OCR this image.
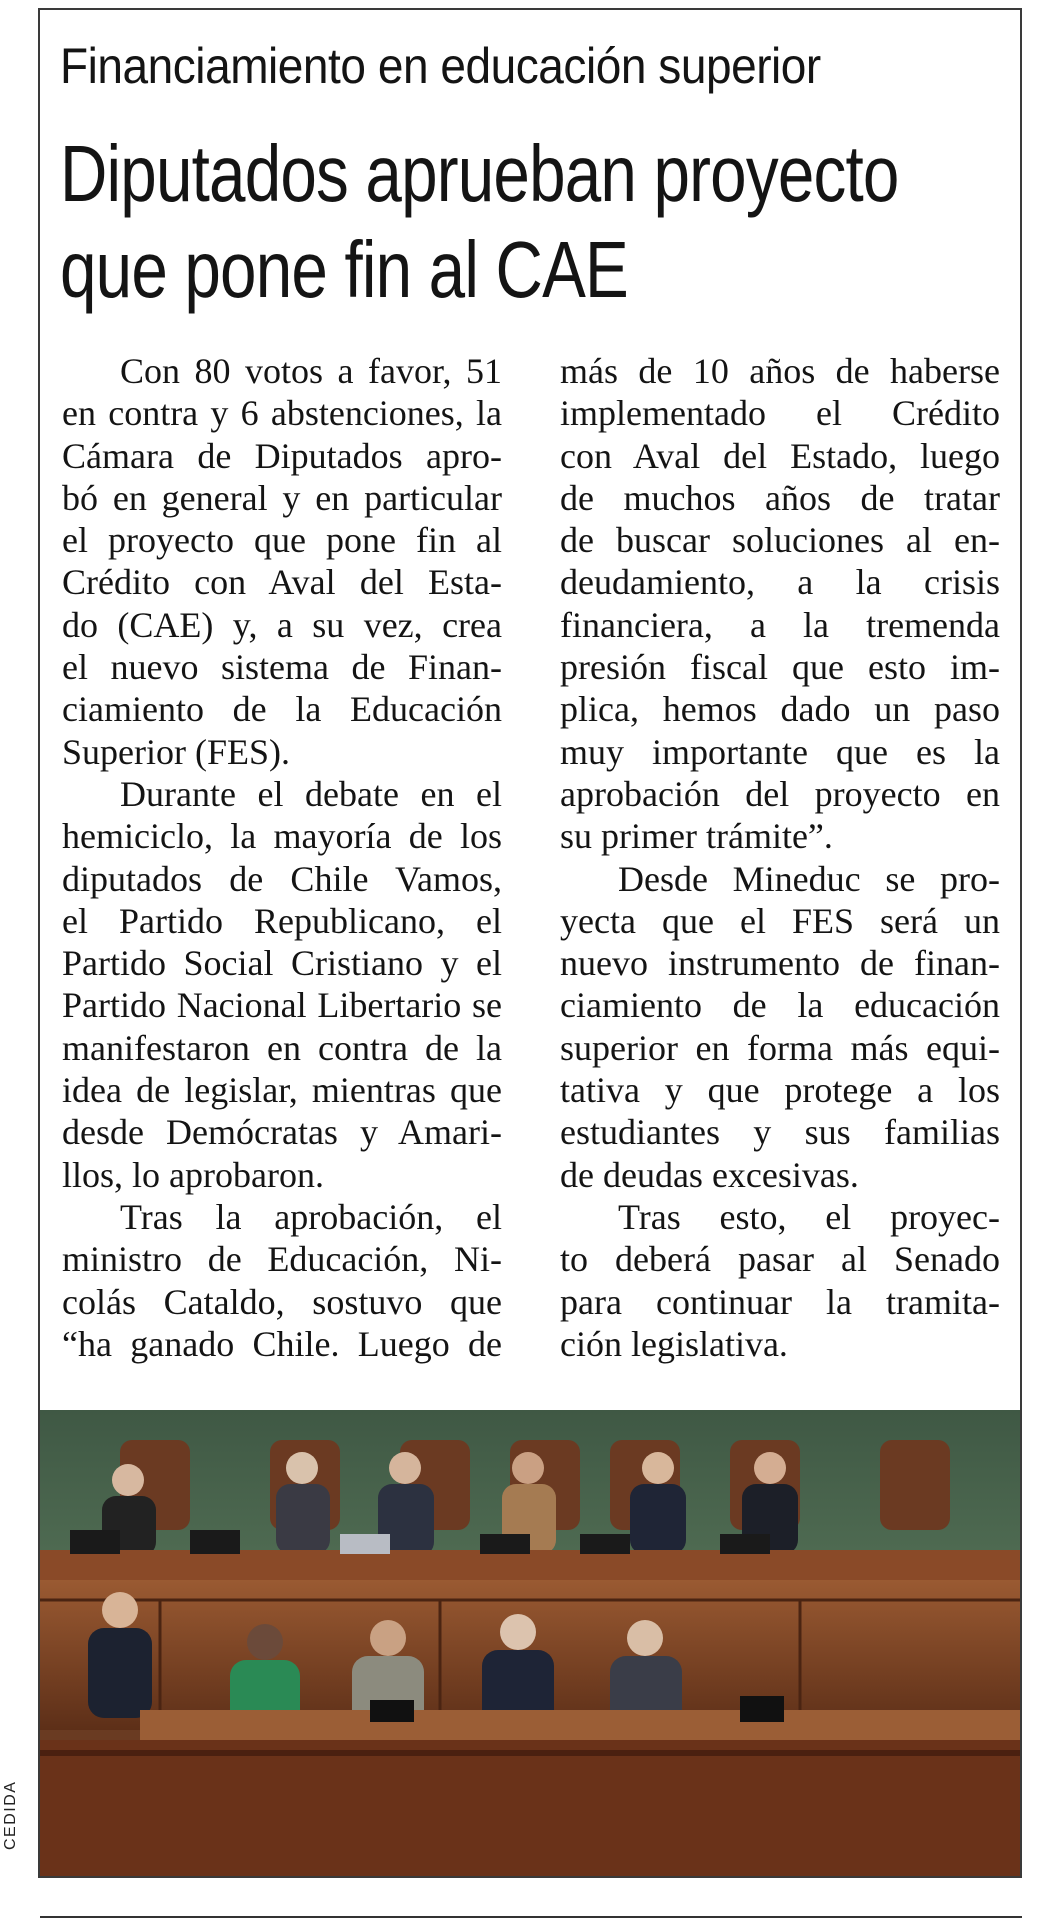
Financiamiento en educación superior
Diputados aprueban proyecto
que pone fin al CAE
Con 80 votos a favor, 51
en contra y 6 abstenciones, la
Cámara de Diputados apro-
bó en general y en particular
el proyecto que pone fin al
Crédito con Aval del Esta-
do (CAE) y, a su vez, crea
el nuevo sistema de Finan-
ciamiento de la Educación
Superior (FES).
Durante el debate en el
hemiciclo, la mayoría de los
diputados de Chile Vamos,
el Partido Republicano, el
Partido Social Cristiano y el
Partido Nacional Libertario se
manifestaron en contra de la
idea de legislar, mientras que
desde Demócratas y Amari-
llos, lo aprobaron.
Tras la aprobación, el
ministro de Educación, Ni-
colás Cataldo, sostuvo que
“ha ganado Chile. Luego de
más de 10 años de haberse
implementado el Crédito
con Aval del Estado, luego
de muchos años de tratar
de buscar soluciones al en-
deudamiento, a la crisis
financiera, a la tremenda
presión fiscal que esto im-
plica, hemos dado un paso
muy importante que es la
aprobación del proyecto en
su primer trámite”.
Desde Mineduc se pro-
yecta que el FES será un
nuevo instrumento de finan-
ciamiento de la educación
superior en forma más equi-
tativa y que protege a los
estudiantes y sus familias
de deudas excesivas.
Tras esto, el proyec-
to deberá pasar al Senado
para continuar la tramita-
ción legislativa.
CEDIDA
